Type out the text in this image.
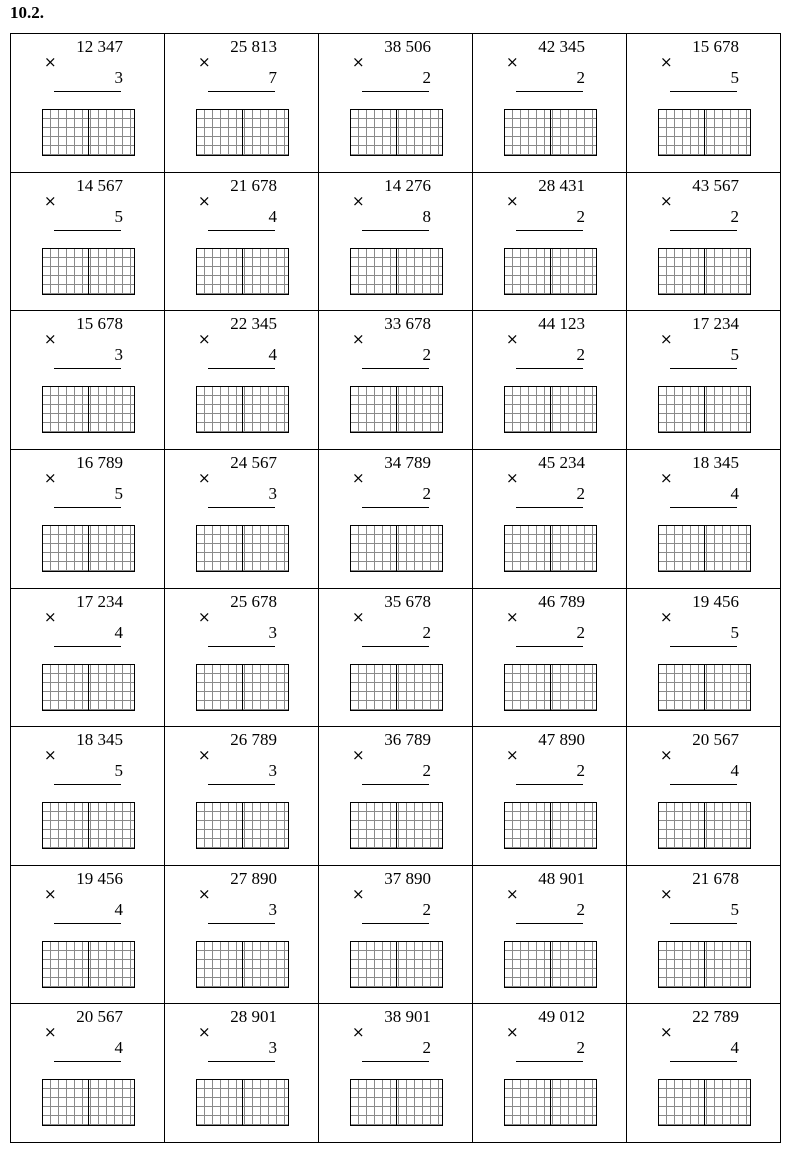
10.2.
12 347
×
3
25 813
×
7
38 506
×
2
42 345
×
2
15 678
×
5
14 567
×
5
21 678
×
4
14 276
×
8
28 431
×
2
43 567
×
2
15 678
×
3
22 345
×
4
33 678
×
2
44 123
×
2
17 234
×
5
16 789
×
5
24 567
×
3
34 789
×
2
45 234
×
2
18 345
×
4
17 234
×
4
25 678
×
3
35 678
×
2
46 789
×
2
19 456
×
5
18 345
×
5
26 789
×
3
36 789
×
2
47 890
×
2
20 567
×
4
19 456
×
4
27 890
×
3
37 890
×
2
48 901
×
2
21 678
×
5
20 567
×
4
28 901
×
3
38 901
×
2
49 012
×
2
22 789
×
4
